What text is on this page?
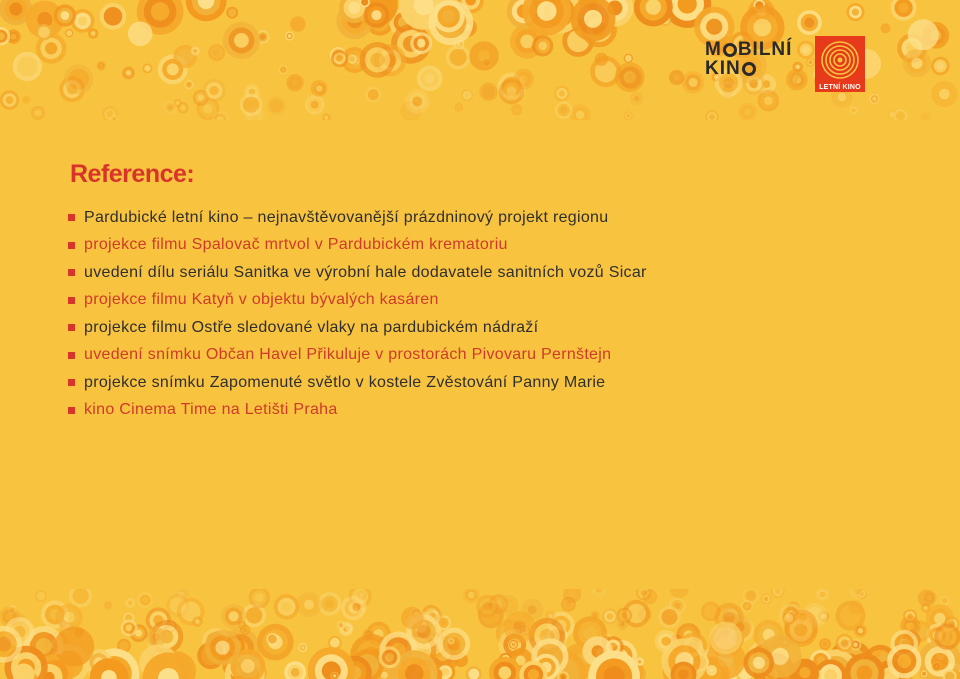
M BILNÍ
KIN
LETNÍ KINO
Reference:
Pardubické letní kino – nejnavštěvovanější prázdninový projekt regionu
projekce filmu Spalovač mrtvol v Pardubickém krematoriu
uvedení dílu seriálu Sanitka ve výrobní hale dodavatele sanitních vozů Sicar
projekce filmu Katyň v objektu bývalých kasáren
projekce filmu Ostře sledované vlaky na pardubickém nádraží
uvedení snímku Občan Havel Přikuluje v prostorách Pivovaru Pernštejn
projekce snímku Zapomenuté světlo v kostele Zvěstování Panny Marie
kino Cinema Time na Letišti Praha
